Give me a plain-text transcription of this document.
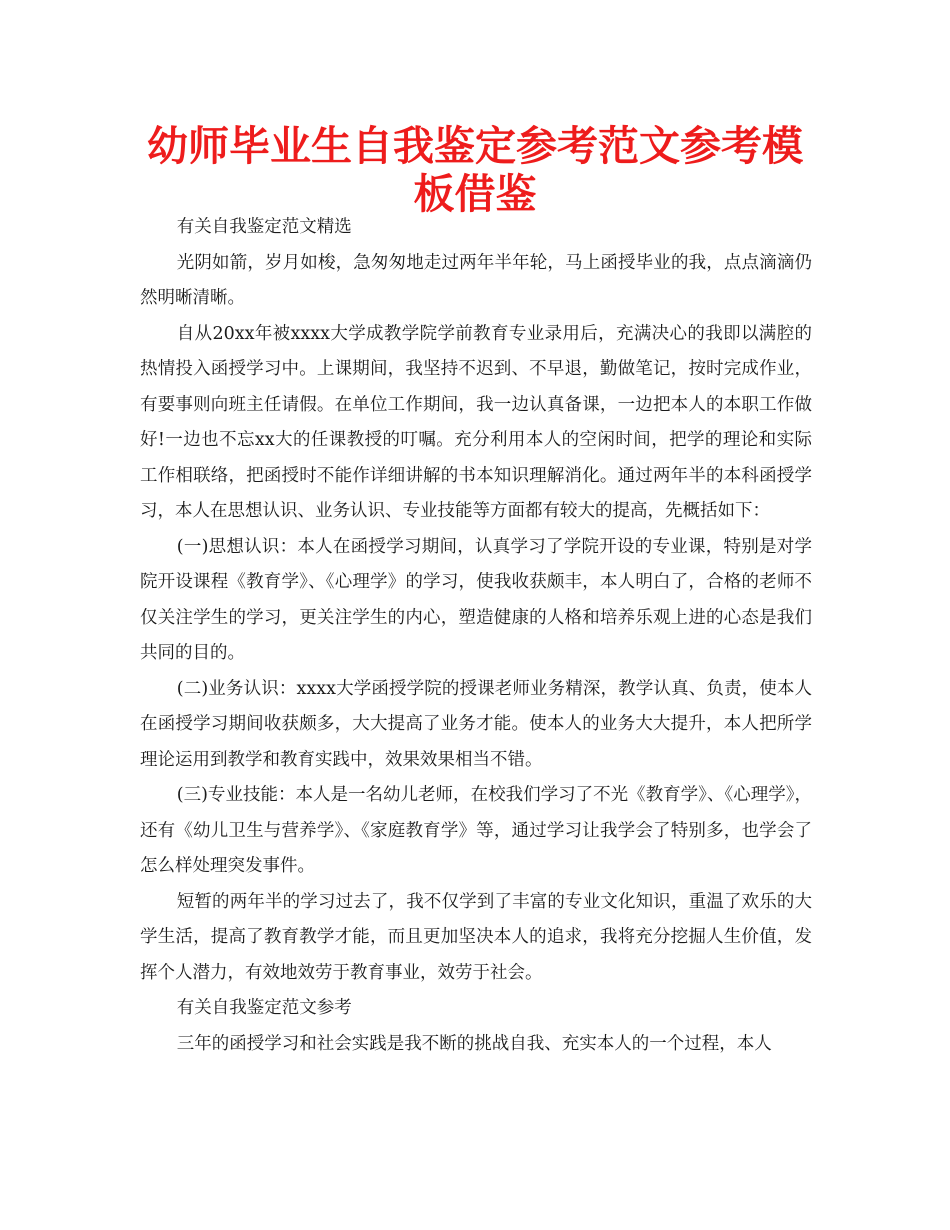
幼师毕业生自我鉴定参考范文参考模板借鉴

有关自我鉴定范文精选

光阴如箭，岁月如梭，急匆匆地走过两年半年轮，马上函授毕业的我，点点滴滴仍然明晰清晰。

自从20xx年被xxxx大学成教学院学前教育专业录用后，充满决心的我即以满腔的热情投入函授学习中。上课期间，我坚持不迟到、不早退，勤做笔记，按时完成作业，有要事则向班主任请假。在单位工作期间，我一边认真备课，一边把本人的本职工作做好!一边也不忘xx大的任课教授的叮嘱。充分利用本人的空闲时间，把学的理论和实际工作相联络，把函授时不能作详细讲解的书本知识理解消化。通过两年半的本科函授学习，本人在思想认识、业务认识、专业技能等方面都有较大的提高，先概括如下：

(一)思想认识：本人在函授学习期间，认真学习了学院开设的专业课，特别是对学院开设课程《教育学》、《心理学》的学习，使我收获颇丰，本人明白了，合格的老师不仅关注学生的学习，更关注学生的内心，塑造健康的人格和培养乐观上进的心态是我们共同的目的。

(二)业务认识：xxxx大学函授学院的授课老师业务精深，教学认真、负责，使本人在函授学习期间收获颇多，大大提高了业务才能。使本人的业务大大提升，本人把所学理论运用到教学和教育实践中，效果效果相当不错。

(三)专业技能：本人是一名幼儿老师，在校我们学习了不光《教育学》、《心理学》，还有《幼儿卫生与营养学》、《家庭教育学》等，通过学习让我学会了特别多，也学会了怎么样处理突发事件。

短暂的两年半的学习过去了，我不仅学到了丰富的专业文化知识，重温了欢乐的大学生活，提高了教育教学才能，而且更加坚决本人的追求，我将充分挖掘人生价值，发挥个人潜力，有效地效劳于教育事业，效劳于社会。

有关自我鉴定范文参考

三年的函授学习和社会实践是我不断的挑战自我、充实本人的一个过程，本人
